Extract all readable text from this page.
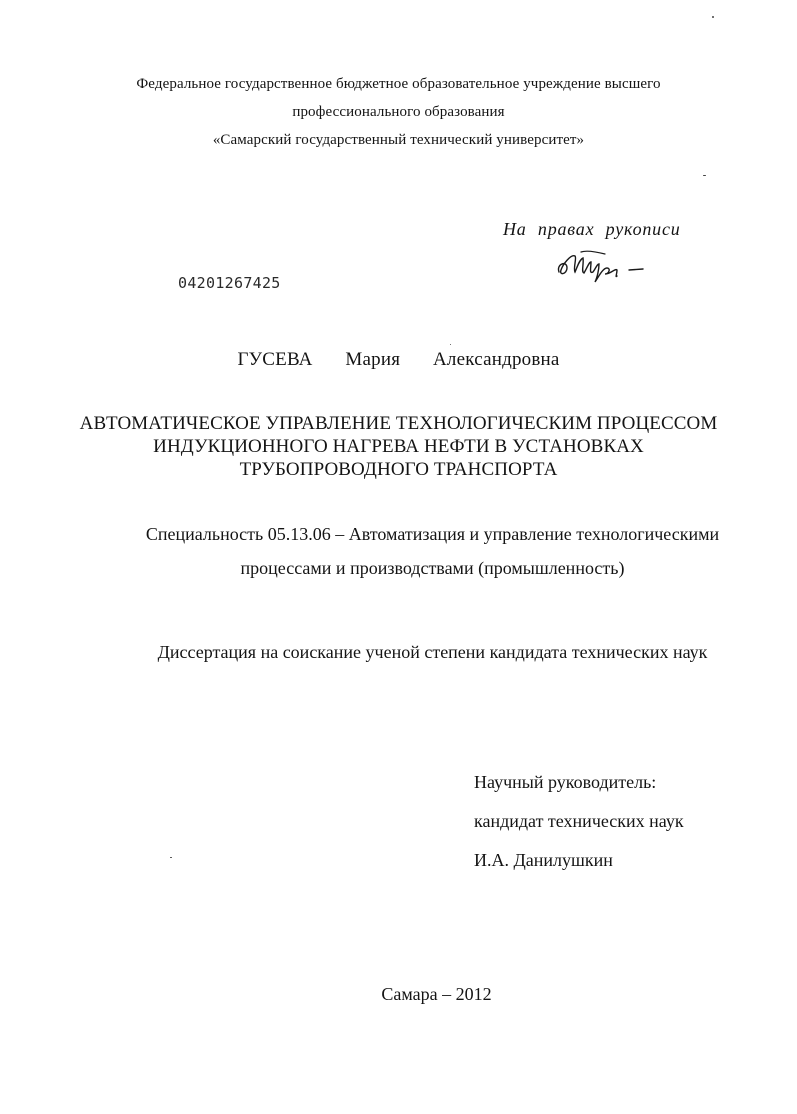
Федеральное государственное бюджетное образовательное учреждение высшего
профессионального образования
«Самарский государственный технический университет»
На правах рукописи
04201267425
ГУСЕВА   Мария   Александровна
АВТОМАТИЧЕСКОЕ УПРАВЛЕНИЕ ТЕХНОЛОГИЧЕСКИМ ПРОЦЕССОМ
ИНДУКЦИОННОГО НАГРЕВА НЕФТИ В УСТАНОВКАХ
ТРУБОПРОВОДНОГО ТРАНСПОРТА
Специальность 05.13.06 – Автоматизация и управление технологическими
процессами и производствами (промышленность)
Диссертация на соискание ученой степени кандидата технических наук
Научный руководитель:
кандидат технических наук
И.А. Данилушкин
Самара – 2012
